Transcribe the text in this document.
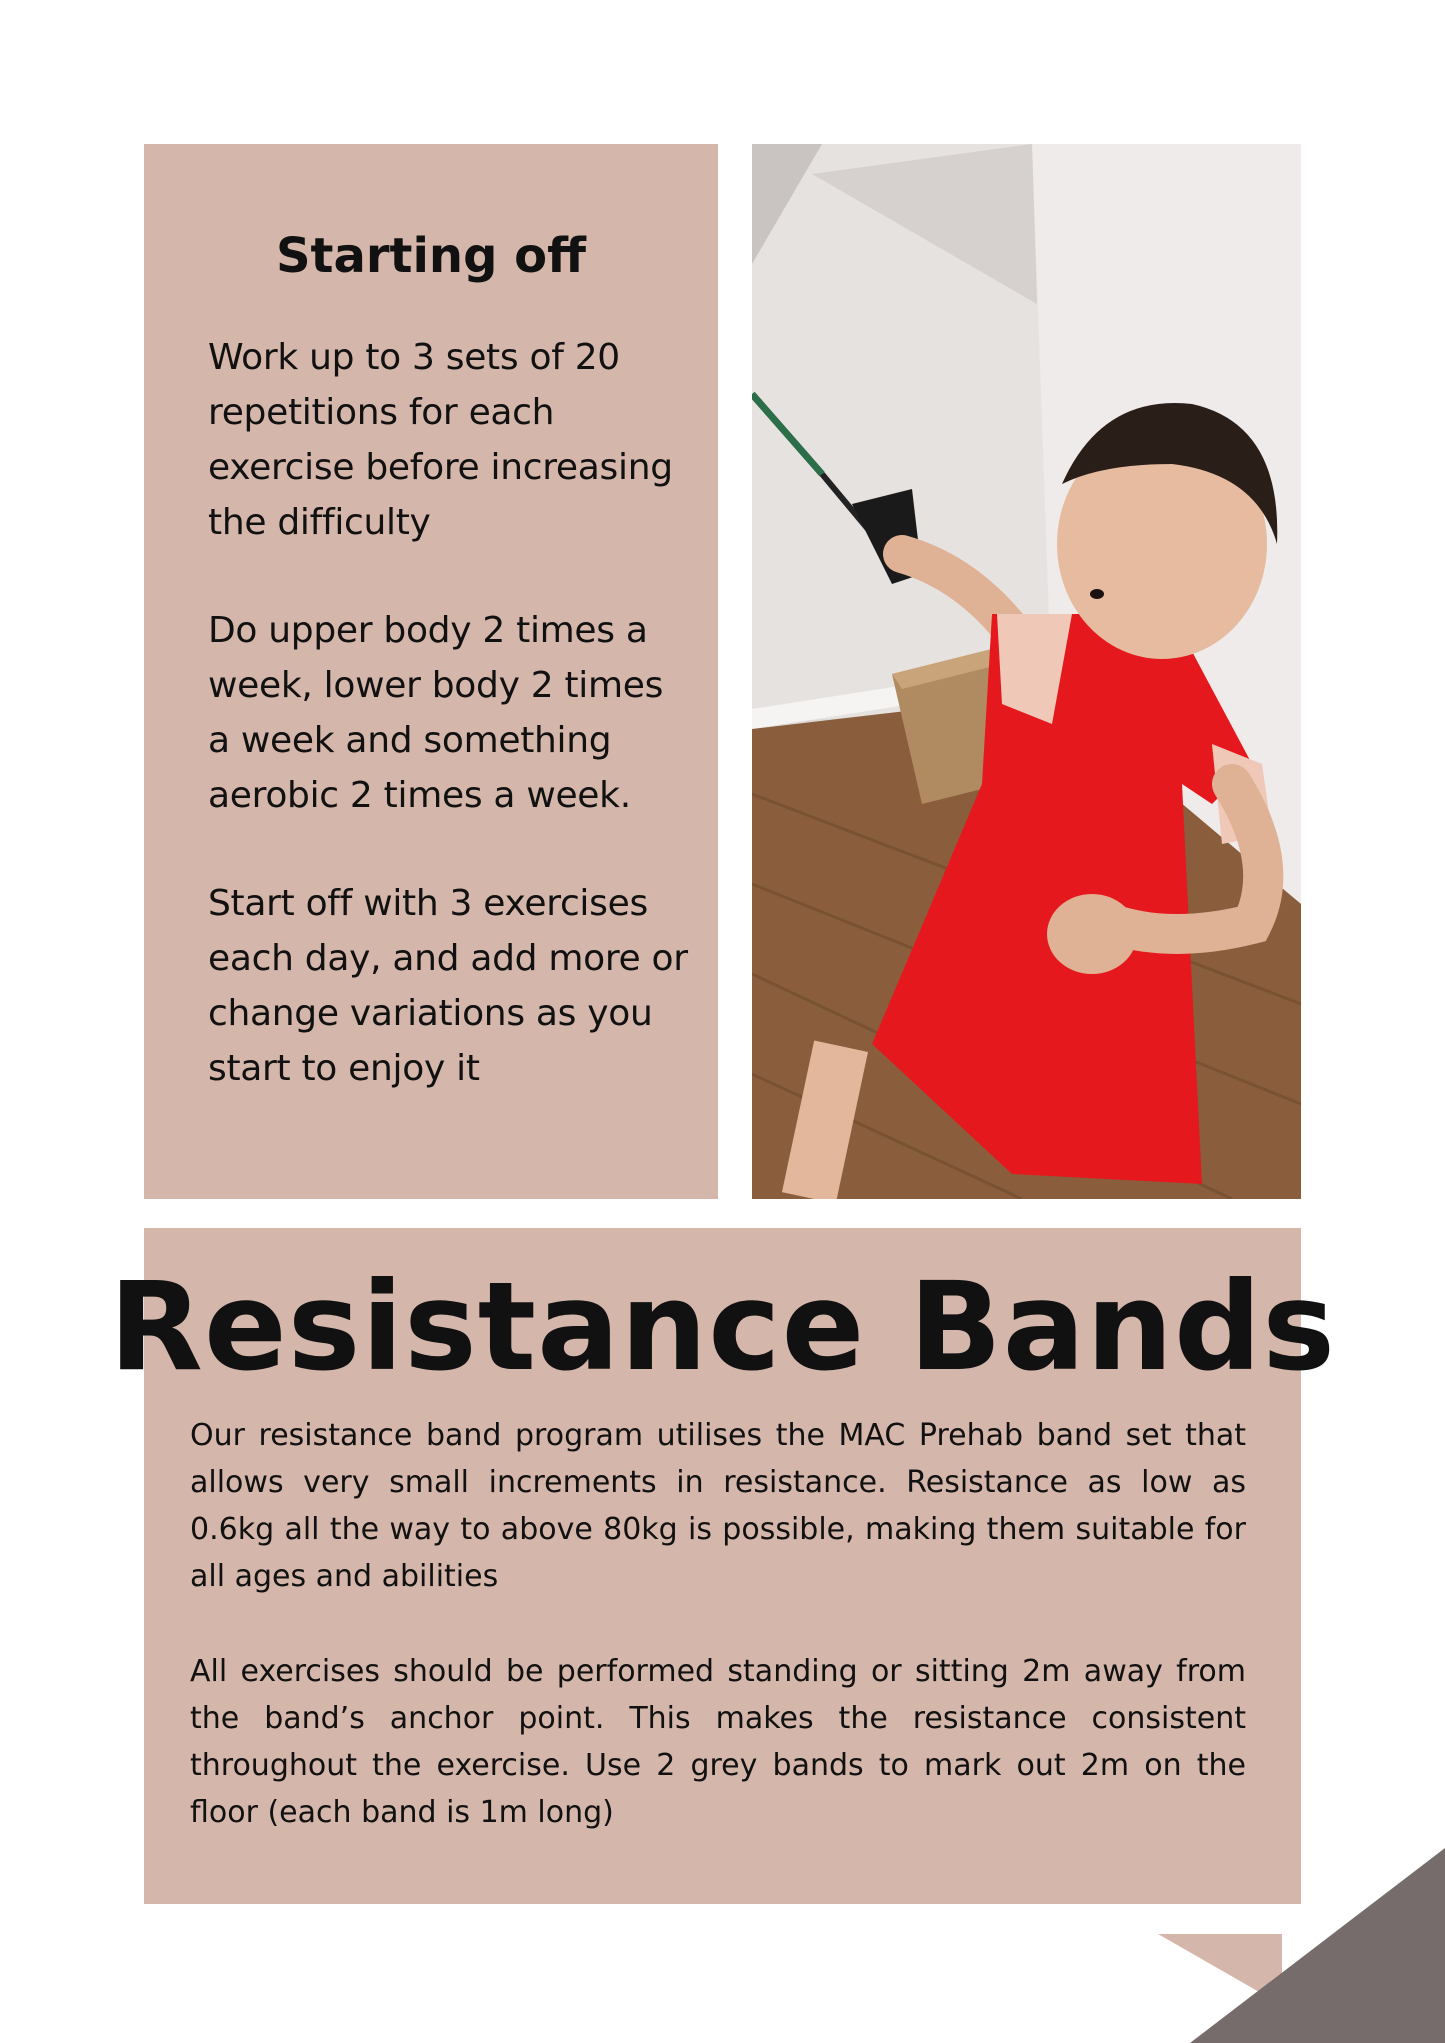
Starting off

Work up to 3 sets of 20 repetitions for each exercise before increasing the difficulty

Do upper body 2 times a week, lower body 2 times a week and something aerobic 2 times a week.

Start off with 3 exercises each day, and add more or change variations as you start to enjoy it

Resistance Bands

Our resistance band program utilises the MAC Prehab band set that allows very small increments in resistance. Resistance as low as 0.6kg all the way to above 80kg is possible, making them suitable for all ages and abilities

All exercises should be performed standing or sitting 2m away from the band’s anchor point. This makes the resistance consistent throughout the exercise. Use 2 grey bands to mark out 2m on the floor (each band is 1m long)
